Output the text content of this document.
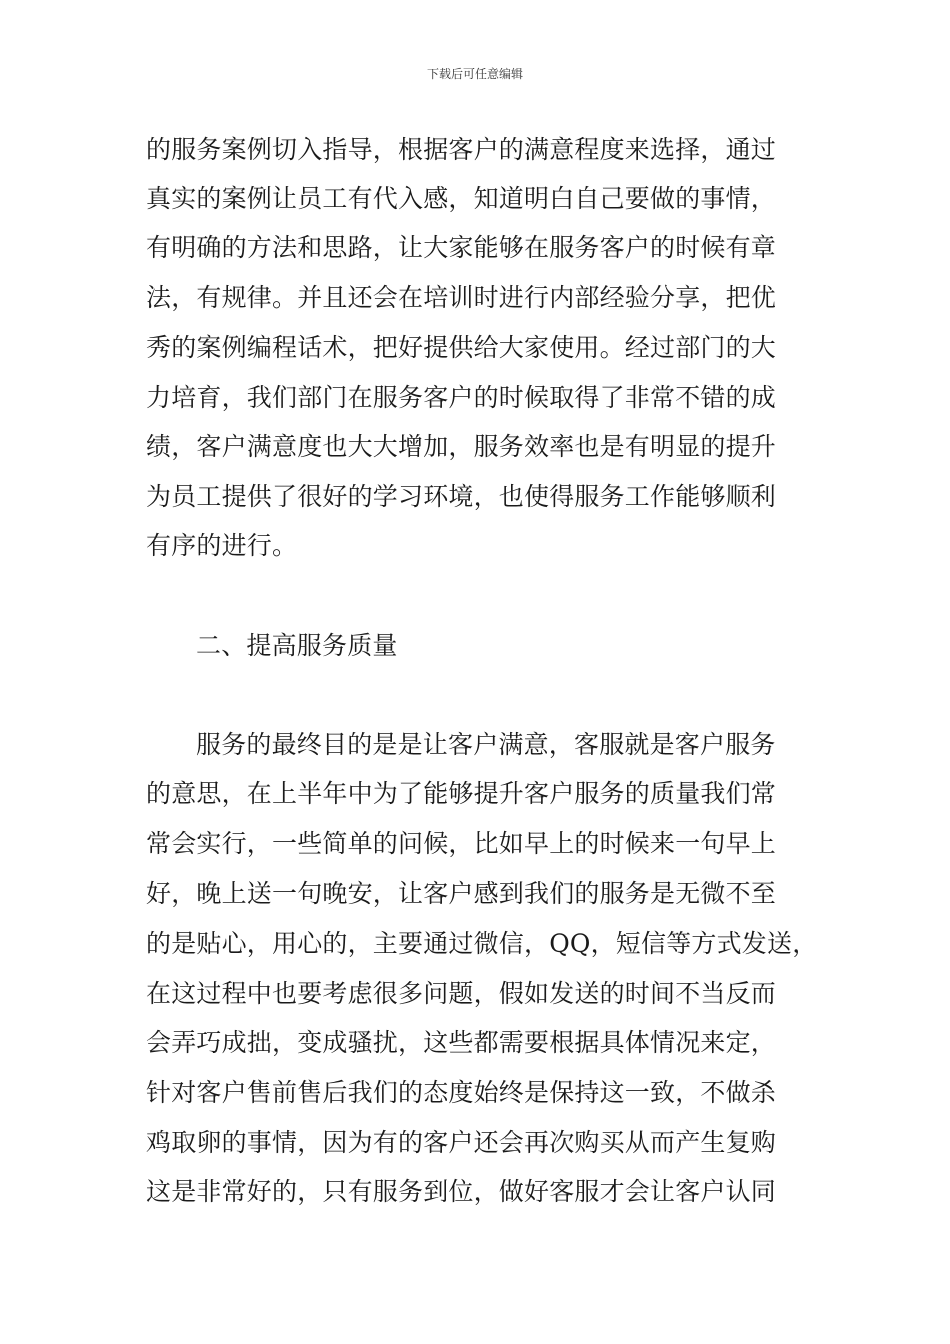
下载后可任意编辑
的服务案例切入指导，根据客户的满意程度来选择，通过
真实的案例让员工有代入感，知道明白自己要做的事情，
有明确的方法和思路，让大家能够在服务客户的时候有章
法，有规律。并且还会在培训时进行内部经验分享，把优
秀的案例编程话术，把好提供给大家使用。经过部门的大
力培育，我们部门在服务客户的时候取得了非常不错的成
绩，客户满意度也大大增加，服务效率也是有明显的提升
为员工提供了很好的学习环境，也使得服务工作能够顺利
有序的进行。
二、提高服务质量
服务的最终目的是是让客户满意，客服就是客户服务
的意思，在上半年中为了能够提升客户服务的质量我们常
常会实行，一些简单的问候，比如早上的时候来一句早上
好，晚上送一句晚安，让客户感到我们的服务是无微不至
的是贴心，用心的，主要通过微信，QQ，短信等方式发送，
在这过程中也要考虑很多问题，假如发送的时间不当反而
会弄巧成拙，变成骚扰，这些都需要根据具体情况来定，
针对客户售前售后我们的态度始终是保持这一致，不做杀
鸡取卵的事情，因为有的客户还会再次购买从而产生复购
这是非常好的，只有服务到位，做好客服才会让客户认同
